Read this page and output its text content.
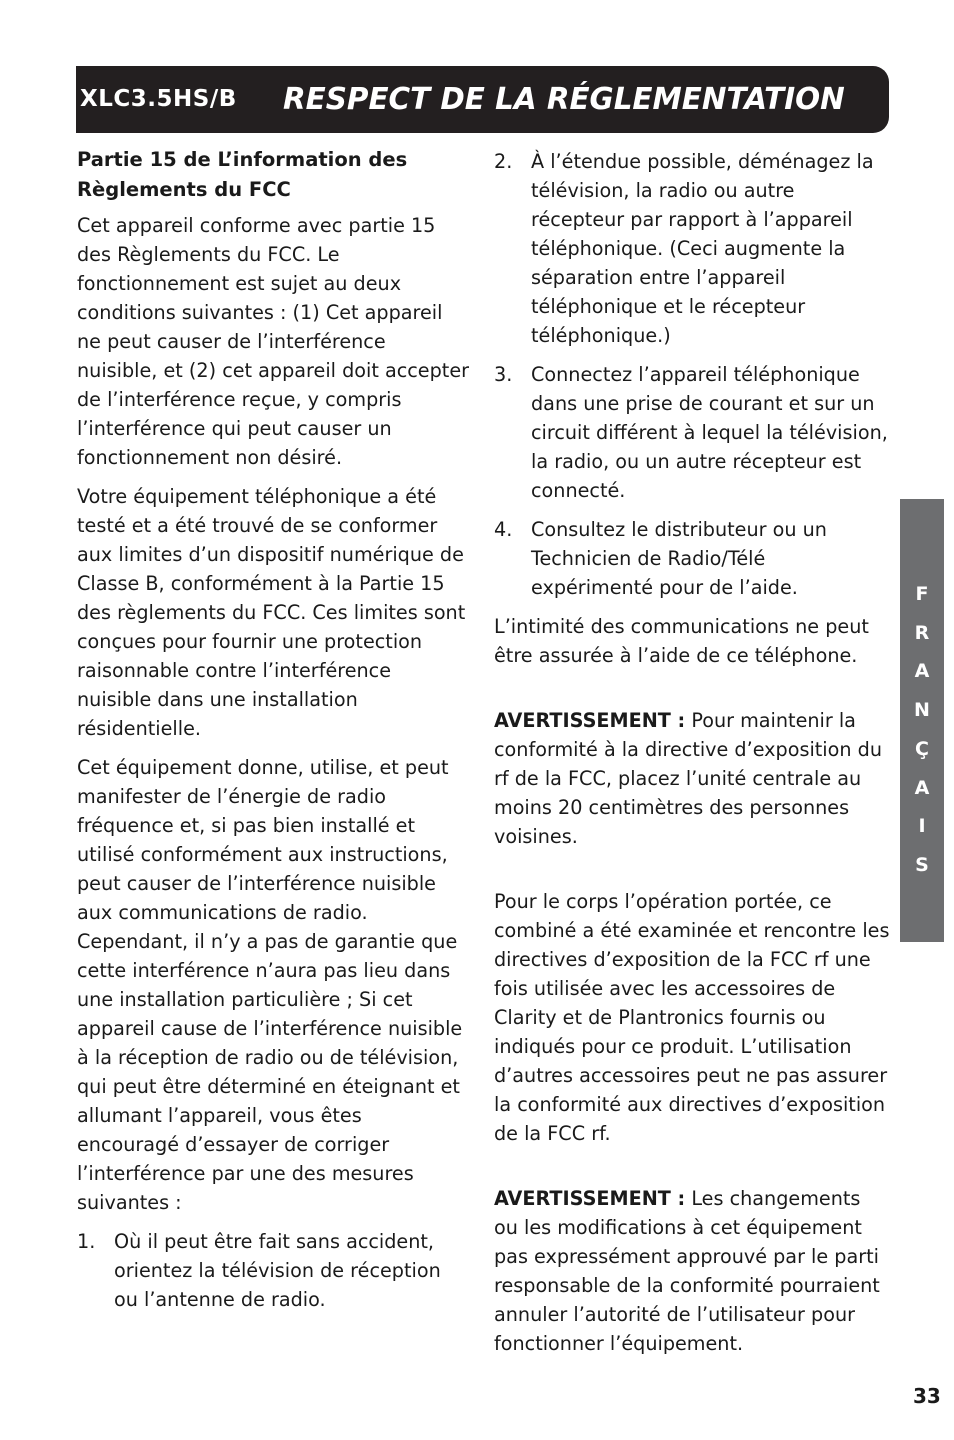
XLC3.5HS/B RESPECT DE LA RÉGLEMENTATION
Partie 15 de L’information des Règlements du FCC

Cet appareil conforme avec partie 15 des Règlements du FCC. Le fonctionnement est sujet au deux conditions suivantes : (1) Cet appareil ne peut causer de l’interférence nuisible, et (2) cet appareil doit accepter de l’interférence reçue, y compris l’interférence qui peut causer un fonctionnement non désiré.

Votre équipement téléphonique a été testé et a été trouvé de se conformer aux limites d’un dispositif numérique de Classe B, conformément à la Partie 15 des règlements du FCC. Ces limites sont conçues pour fournir une protection raisonnable contre l’interférence nuisible dans une installation résidentielle.

Cet équipement donne, utilise, et peut manifester de l’énergie de radio fréquence et, si pas bien installé et utilisé conformément aux instructions, peut causer de l’interférence nuisible aux communications de radio. Cependant, il n’y a pas de garantie que cette interférence n’aura pas lieu dans une installation particulière ; Si cet appareil cause de l’interférence nuisible à la réception de radio ou de télévision, qui peut être déterminé en éteignant et allumant l’appareil, vous êtes encouragé d’essayer de corriger l’interférence par une des mesures suivantes :

1. Où il peut être fait sans accident, orientez la télévision de réception ou l’antenne de radio.
2. À l’étendue possible, déménagez la télévision, la radio ou autre récepteur par rapport à l’appareil téléphonique. (Ceci augmente la séparation entre l’appareil téléphonique et le récepteur téléphonique.)
3. Connectez l’appareil téléphonique dans une prise de courant et sur un circuit différent à lequel la télévision, la radio, ou un autre récepteur est connecté.
4. Consultez le distributeur ou un Technicien de Radio/Télé expérimenté pour de l’aide.

L’intimité des communications ne peut être assurée à l’aide de ce téléphone.

AVERTISSEMENT : Pour maintenir la conformité à la directive d’exposition du rf de la FCC, placez l’unité centrale au moins 20 centimètres des personnes voisines.

Pour le corps l’opération portée, ce combiné a été examinée et rencontre les directives d’exposition de la FCC rf une fois utilisée avec les accessoires de Clarity et de Plantronics fournis ou indiqués pour ce produit. L’utilisation d’autres accessoires peut ne pas assurer la conformité aux directives d’exposition de la FCC rf.

AVERTISSEMENT : Les changements ou les modifications à cet équipement pas expressément approuvé par le parti responsable de la conformité pourraient annuler l’autorité de l’utilisateur pour fonctionner l’équipement.

F
R
A
N
Ç
A
I
S
33
